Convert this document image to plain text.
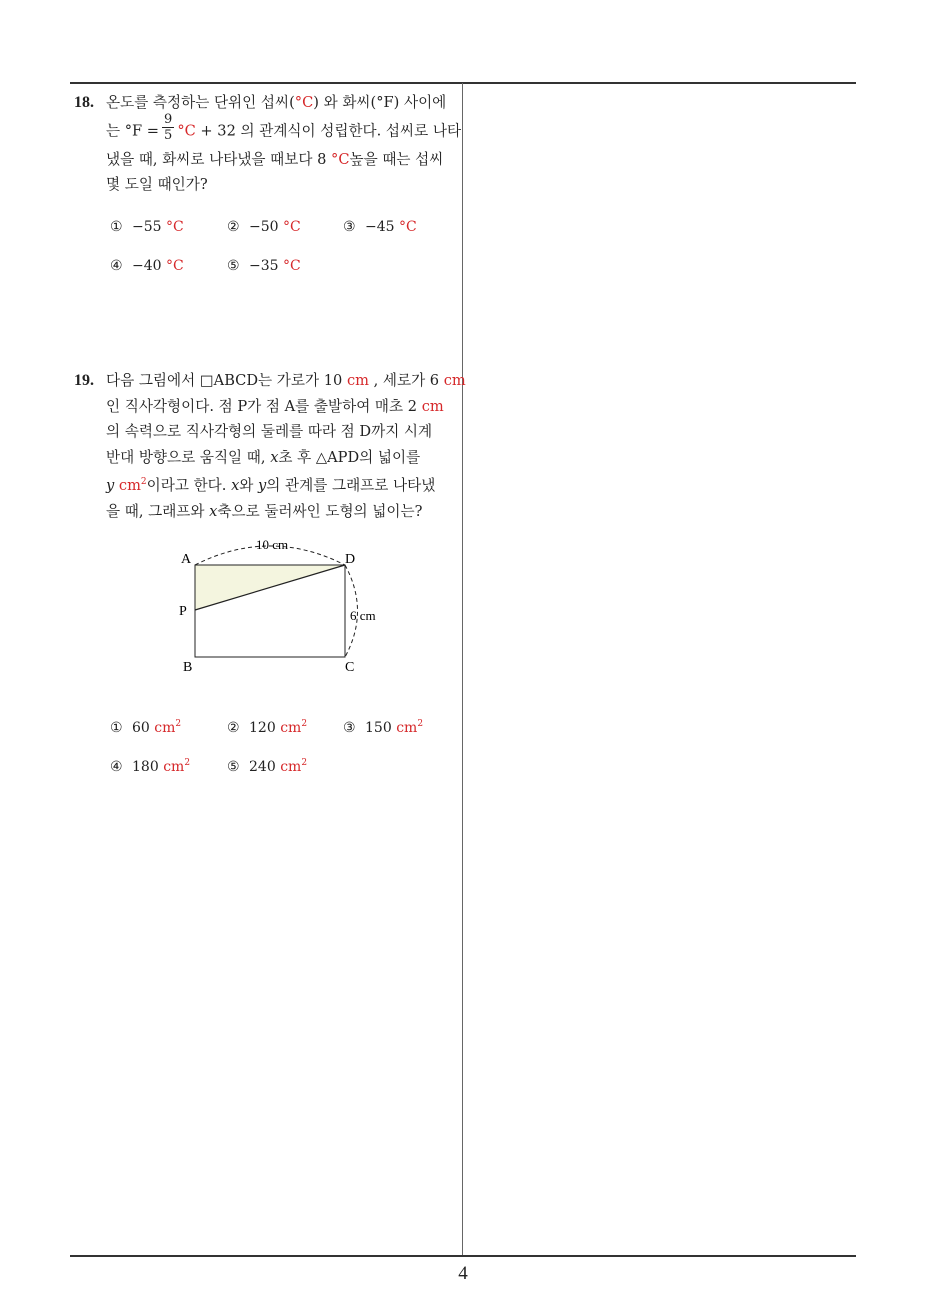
4
18. 온도를 측정하는 단위인 섭씨(°C) 와 화씨(°F) 사이에
는 $^\circ F = \frac{9}{5} ^\circ C + 32$ 의 관계식이 성립한다. 섭씨로 나타
냈을 때, 화씨로 나타냈을 때보다 8 °C높을 때는 섭씨
몇 도일 때인가?
① −55 °C	② −50 °C	③ −45 °C
④ −40 °C	⑤ −35 °C
19. 다음 그림에서 □ABCD는 가로가 10 cm , 세로가 6 cm
인 직사각형이다. 점 P가 점 A를 출발하여 매초 2 cm
의 속력으로 직사각형의 둘레를 따라 점 D까지 시계
반대 방향으로 움직일 때, x초 후 △APD의 넓이를
y $cm^2$이라고 한다. x와 y의 관계를 그래프로 나타냈
을 때, 그래프와 x축으로 둘러싸인 도형의 넓이는?
A	D
P
B	C
10 cm
6 cm
① 60 $cm^2$	② 120 $cm^2$	③ 150 $cm^2$
④ 180 $cm^2$	⑤ 240 $cm^2$
